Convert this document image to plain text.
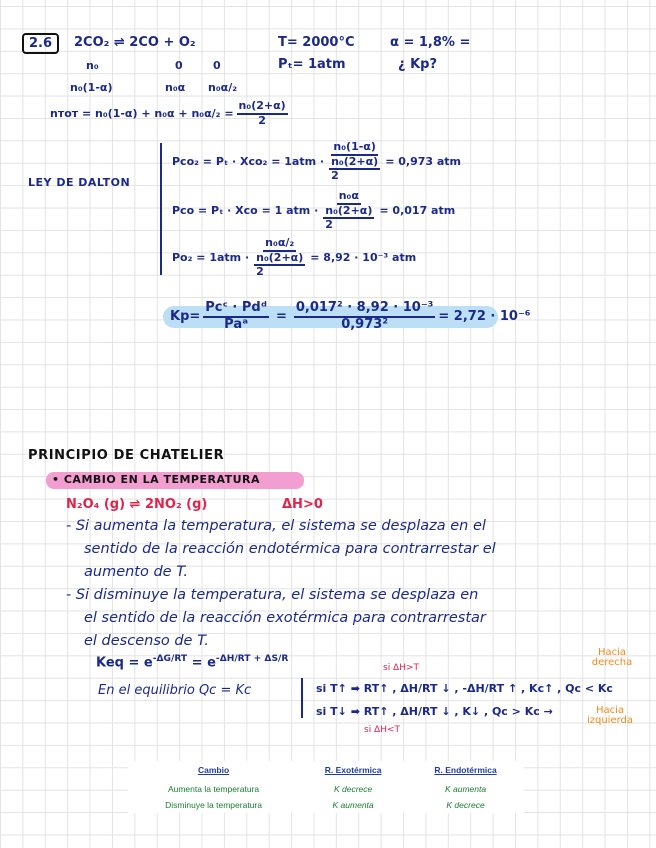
2.6	2CO₂ ⇌ 2CO + O₂	T= 2000°C	α = 1,8% =
Pₜ= 1atm	¿ Kp?
n₀	0	0
n₀(1-α)	n₀α n₀α/₂
nᴛᴏᴛ = $n_0(1-\alpha) + n_0\alpha + n_0\alpha/_2 = \frac{\text{n₀(2+α)}}{2}$
LEY DE DALTON
$Pco_2 = P_t \cdot Xco_2 = 1atm \cdot \frac{\text{n₀(1-α)}}{\frac{\text{n₀(2+α)}}{2}} = 0,973$ atm
Pco = Pₜ · Xco = 1 atm · $\frac{\text{n₀α}}{\frac{\text{n₀(2+α)}}{2}} = 0,017$ atm
$Po_2 = 1atm \cdot \frac{\text{n₀α/₂}}{\frac{\text{n₀(2+α)}}{2}} = 8,92 \cdot 10^{-3}$ atm
$Kp= \frac{\text{Pcᶜ · Pdᵈ}}{\text{Paᵃ}} = \frac{\text{0,017² · 8,92 · 10⁻³}}{\text{0,973²}} = 2,72 \cdot 10^{-6}$
PRINCIPIO DE CHATELIER
• CAMBIO EN LA TEMPERATURA
N₂O₄ (g) ⇌ 2NO₂ (g)	ΔH>0
- Si aumenta la temperatura, el sistema se desplaza en el
sentido de la reacción endotérmica para contrarrestar el
aumento de T.
- Si disminuye la temperatura, el sistema se desplaza en
el sentido de la reacción exotérmica para contrarrestar
el descenso de T.
Keq = $e^{-\Delta G/RT} = e^{-\Delta H/RT + \Delta S/R}$
En el equilibrio Qc = Kc
si ΔH>T
si T↑ ➡ RT↑ , ΔH/RT ↓ , -ΔH/RT ↑ , Kc↑ , Qc < Kc
si T↓ ➡ RT↑ , ΔH/RT ↓ , K↓ , Qc > Kc →
si ΔH<T
Hacia derecha
Hacia izquierda
Cambio	R. Exotérmica	R. Endotérmica
Aumenta la temperatura	K decrece	K aumenta
Disminuye la temperatura	K aumenta	K decrece
